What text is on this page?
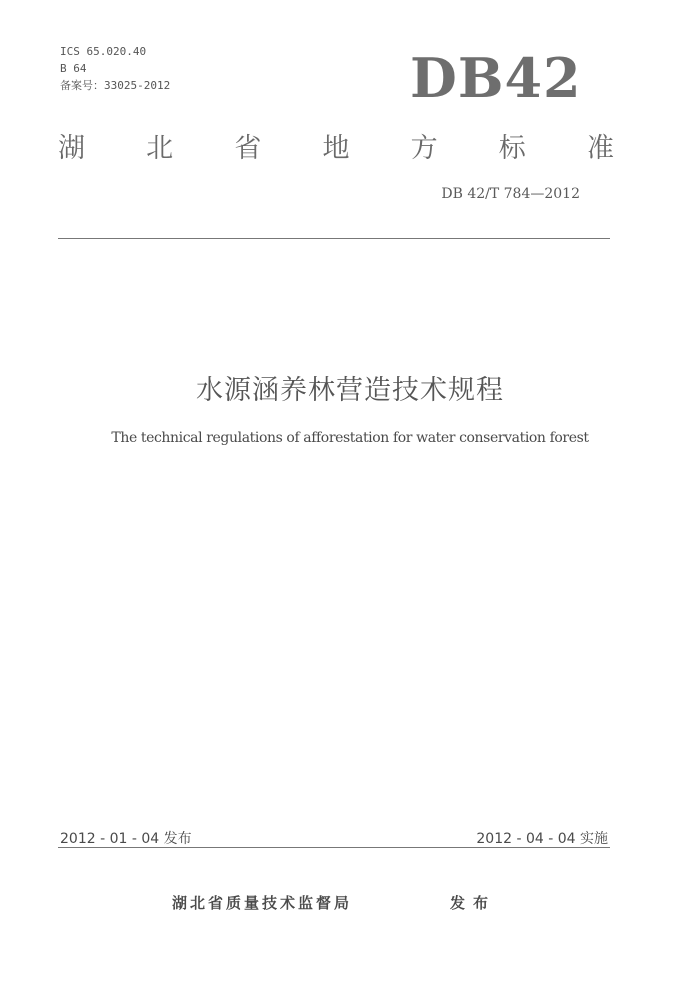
ICS 65.020.40
B 64
备案号：33025-2012	DB42
湖 北 省 地 方 标 准
DB 42/T 784—2012
水源涵养林营造技术规程
The technical regulations of afforestation for water conservation forest
2012 - 01 - 04 发布	2012 - 04 - 04 实施
湖北省质量技术监督局	发布
